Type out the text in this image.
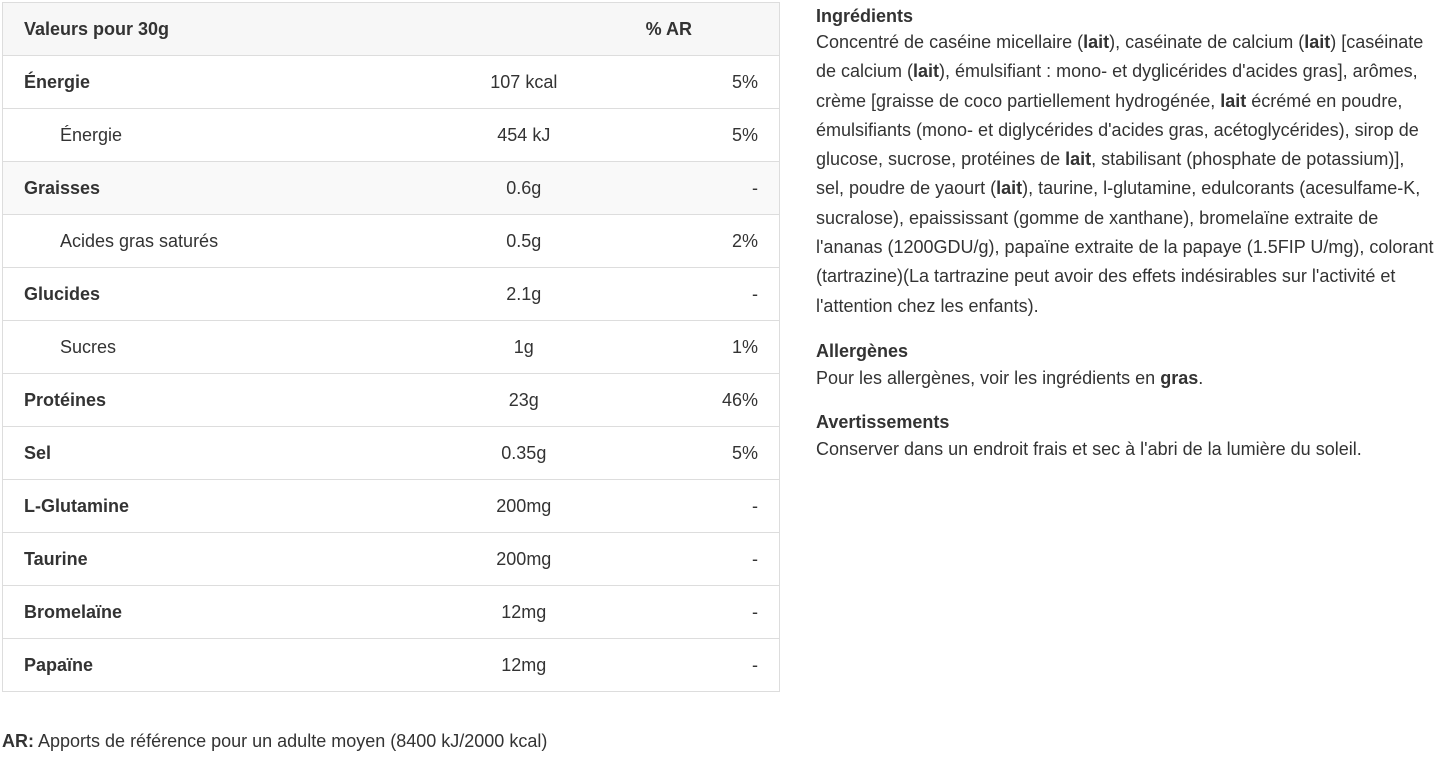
Valeurs pour 30g		% AR
Énergie	107 kcal	5%
Énergie	454 kJ	5%
Graisses	0.6g	-
Acides gras saturés	0.5g	2%
Glucides	2.1g	-
Sucres	1g	1%
Protéines	23g	46%
Sel	0.35g	5%
L-Glutamine	200mg	-
Taurine	200mg	-
Bromelaïne	12mg	-
Papaïne	12mg	-
AR: Apports de référence pour un adulte moyen (8400 kJ/2000 kcal)
Ingrédients

Concentré de caséine micellaire (lait), caséinate de calcium (lait) [caséinate de calcium (lait), émulsifiant : mono- et dyglicérides d'acides gras], arômes, crème [graisse de coco partiellement hydrogénée, lait écrémé en poudre, émulsifiants (mono- et diglycérides d'acides gras, acétoglycérides), sirop de glucose, sucrose, protéines de lait, stabilisant (phosphate de potassium)], sel, poudre de yaourt (lait), taurine, l-glutamine, edulcorants (acesulfame-K, sucralose), epaississant (gomme de xanthane), bromelaïne extraite de l'ananas (1200GDU/g), papaïne extraite de la papaye (1.5FIP U/mg), colorant (tartrazine)(La tartrazine peut avoir des effets indésirables sur l'activité et l'attention chez les enfants).

Allergènes

Pour les allergènes, voir les ingrédients en gras.

Avertissements

Conserver dans un endroit frais et sec à l'abri de la lumière du soleil.
